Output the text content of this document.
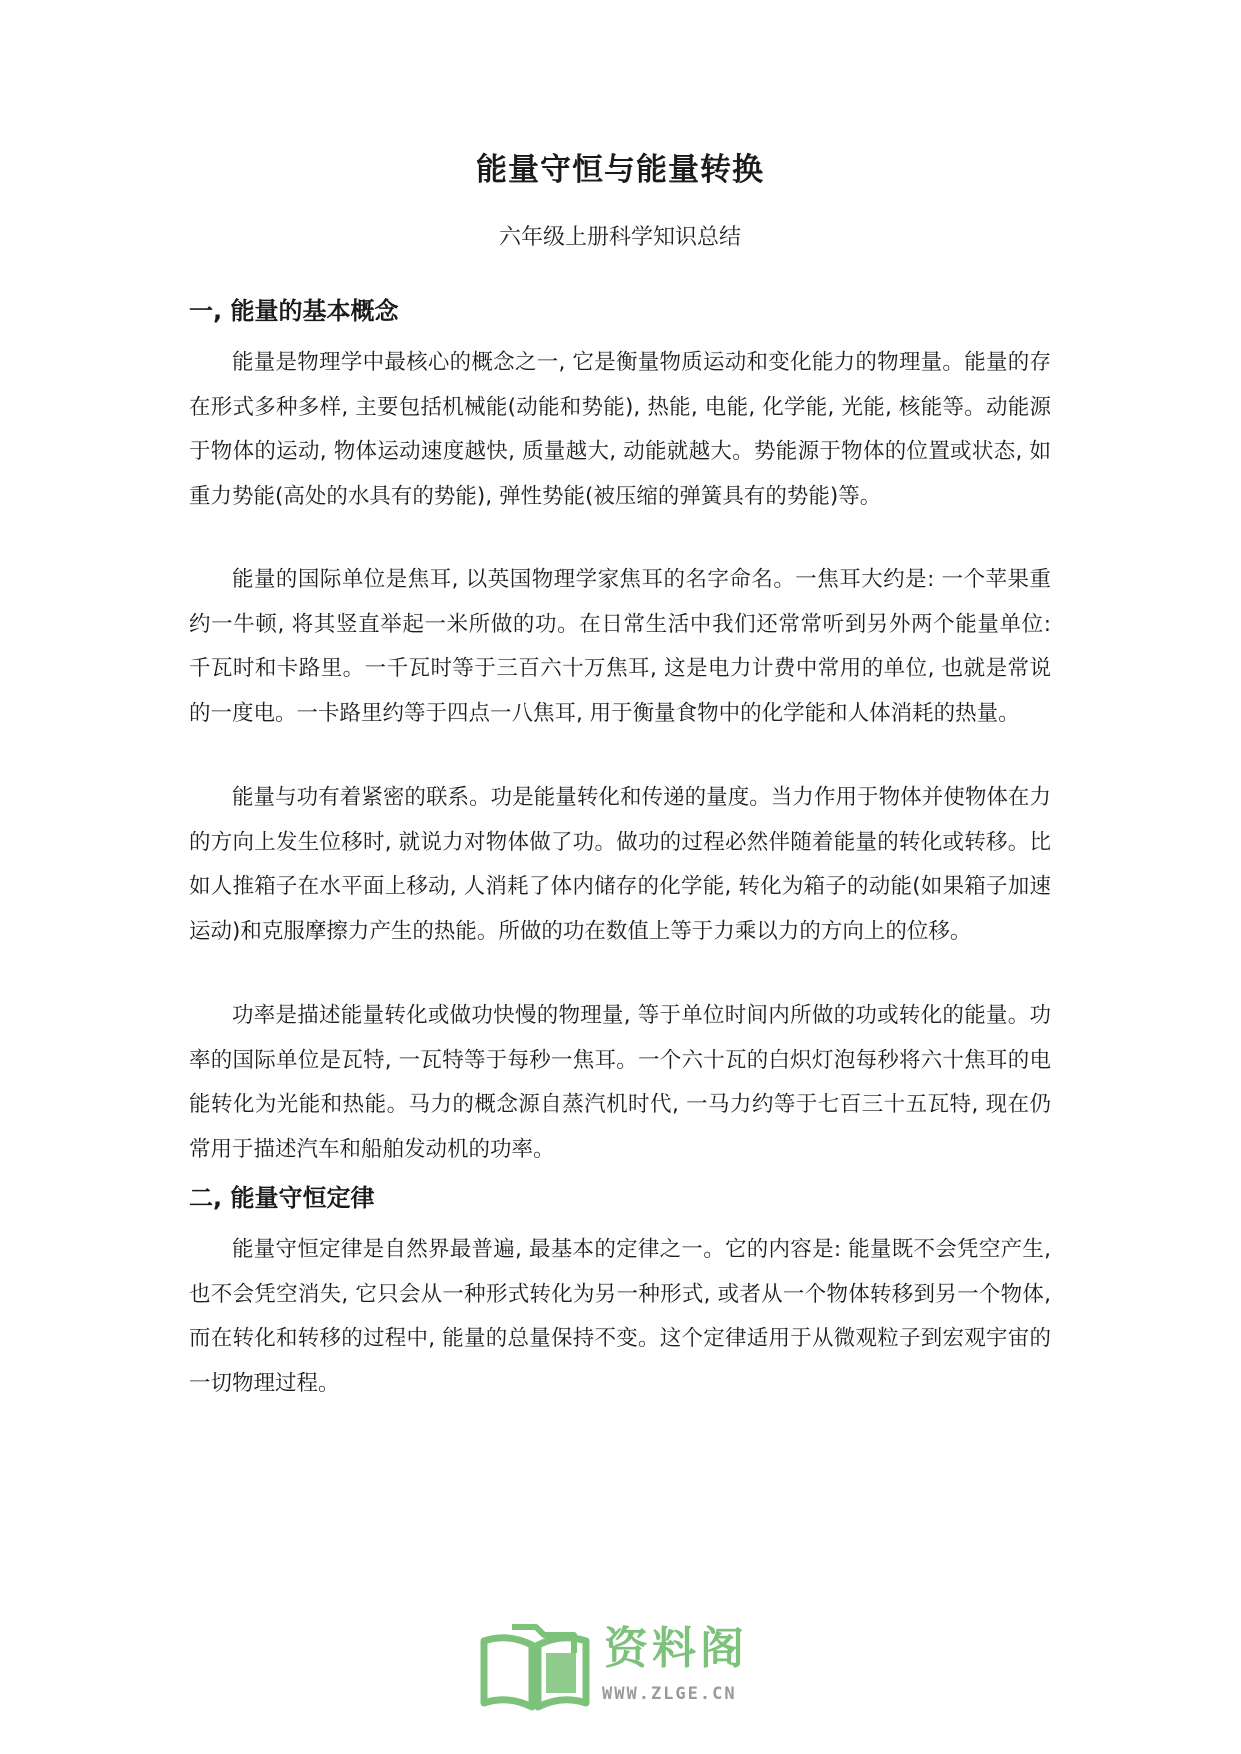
能量守恒与能量转换

六年级上册科学知识总结

一, 能量的基本概念

能量是物理学中最核心的概念之一, 它是衡量物质运动和变化能力的物理量。能量的存在形式多种多样, 主要包括机械能(动能和势能), 热能, 电能, 化学能, 光能, 核能等。动能源于物体的运动, 物体运动速度越快, 质量越大, 动能就越大。势能源于物体的位置或状态, 如重力势能(高处的水具有的势能), 弹性势能(被压缩的弹簧具有的势能)等。

能量的国际单位是焦耳, 以英国物理学家焦耳的名字命名。一焦耳大约是: 一个苹果重约一牛顿, 将其竖直举起一米所做的功。在日常生活中我们还常常听到另外两个能量单位: 千瓦时和卡路里。一千瓦时等于三百六十万焦耳, 这是电力计费中常用的单位, 也就是常说的一度电。一卡路里约等于四点一八焦耳, 用于衡量食物中的化学能和人体消耗的热量。

能量与功有着紧密的联系。功是能量转化和传递的量度。当力作用于物体并使物体在力的方向上发生位移时, 就说力对物体做了功。做功的过程必然伴随着能量的转化或转移。比如人推箱子在水平面上移动, 人消耗了体内储存的化学能, 转化为箱子的动能(如果箱子加速运动)和克服摩擦力产生的热能。所做的功在数值上等于力乘以力的方向上的位移。

功率是描述能量转化或做功快慢的物理量, 等于单位时间内所做的功或转化的能量。功率的国际单位是瓦特, 一瓦特等于每秒一焦耳。一个六十瓦的白炽灯泡每秒将六十焦耳的电能转化为光能和热能。马力的概念源自蒸汽机时代, 一马力约等于七百三十五瓦特, 现在仍常用于描述汽车和船舶发动机的功率。

二, 能量守恒定律

能量守恒定律是自然界最普遍, 最基本的定律之一。它的内容是: 能量既不会凭空产生, 也不会凭空消失, 它只会从一种形式转化为另一种形式, 或者从一个物体转移到另一个物体, 而在转化和转移的过程中, 能量的总量保持不变。这个定律适用于从微观粒子到宏观宇宙的一切物理过程。

资料阁
WWW.ZLGE.CN
